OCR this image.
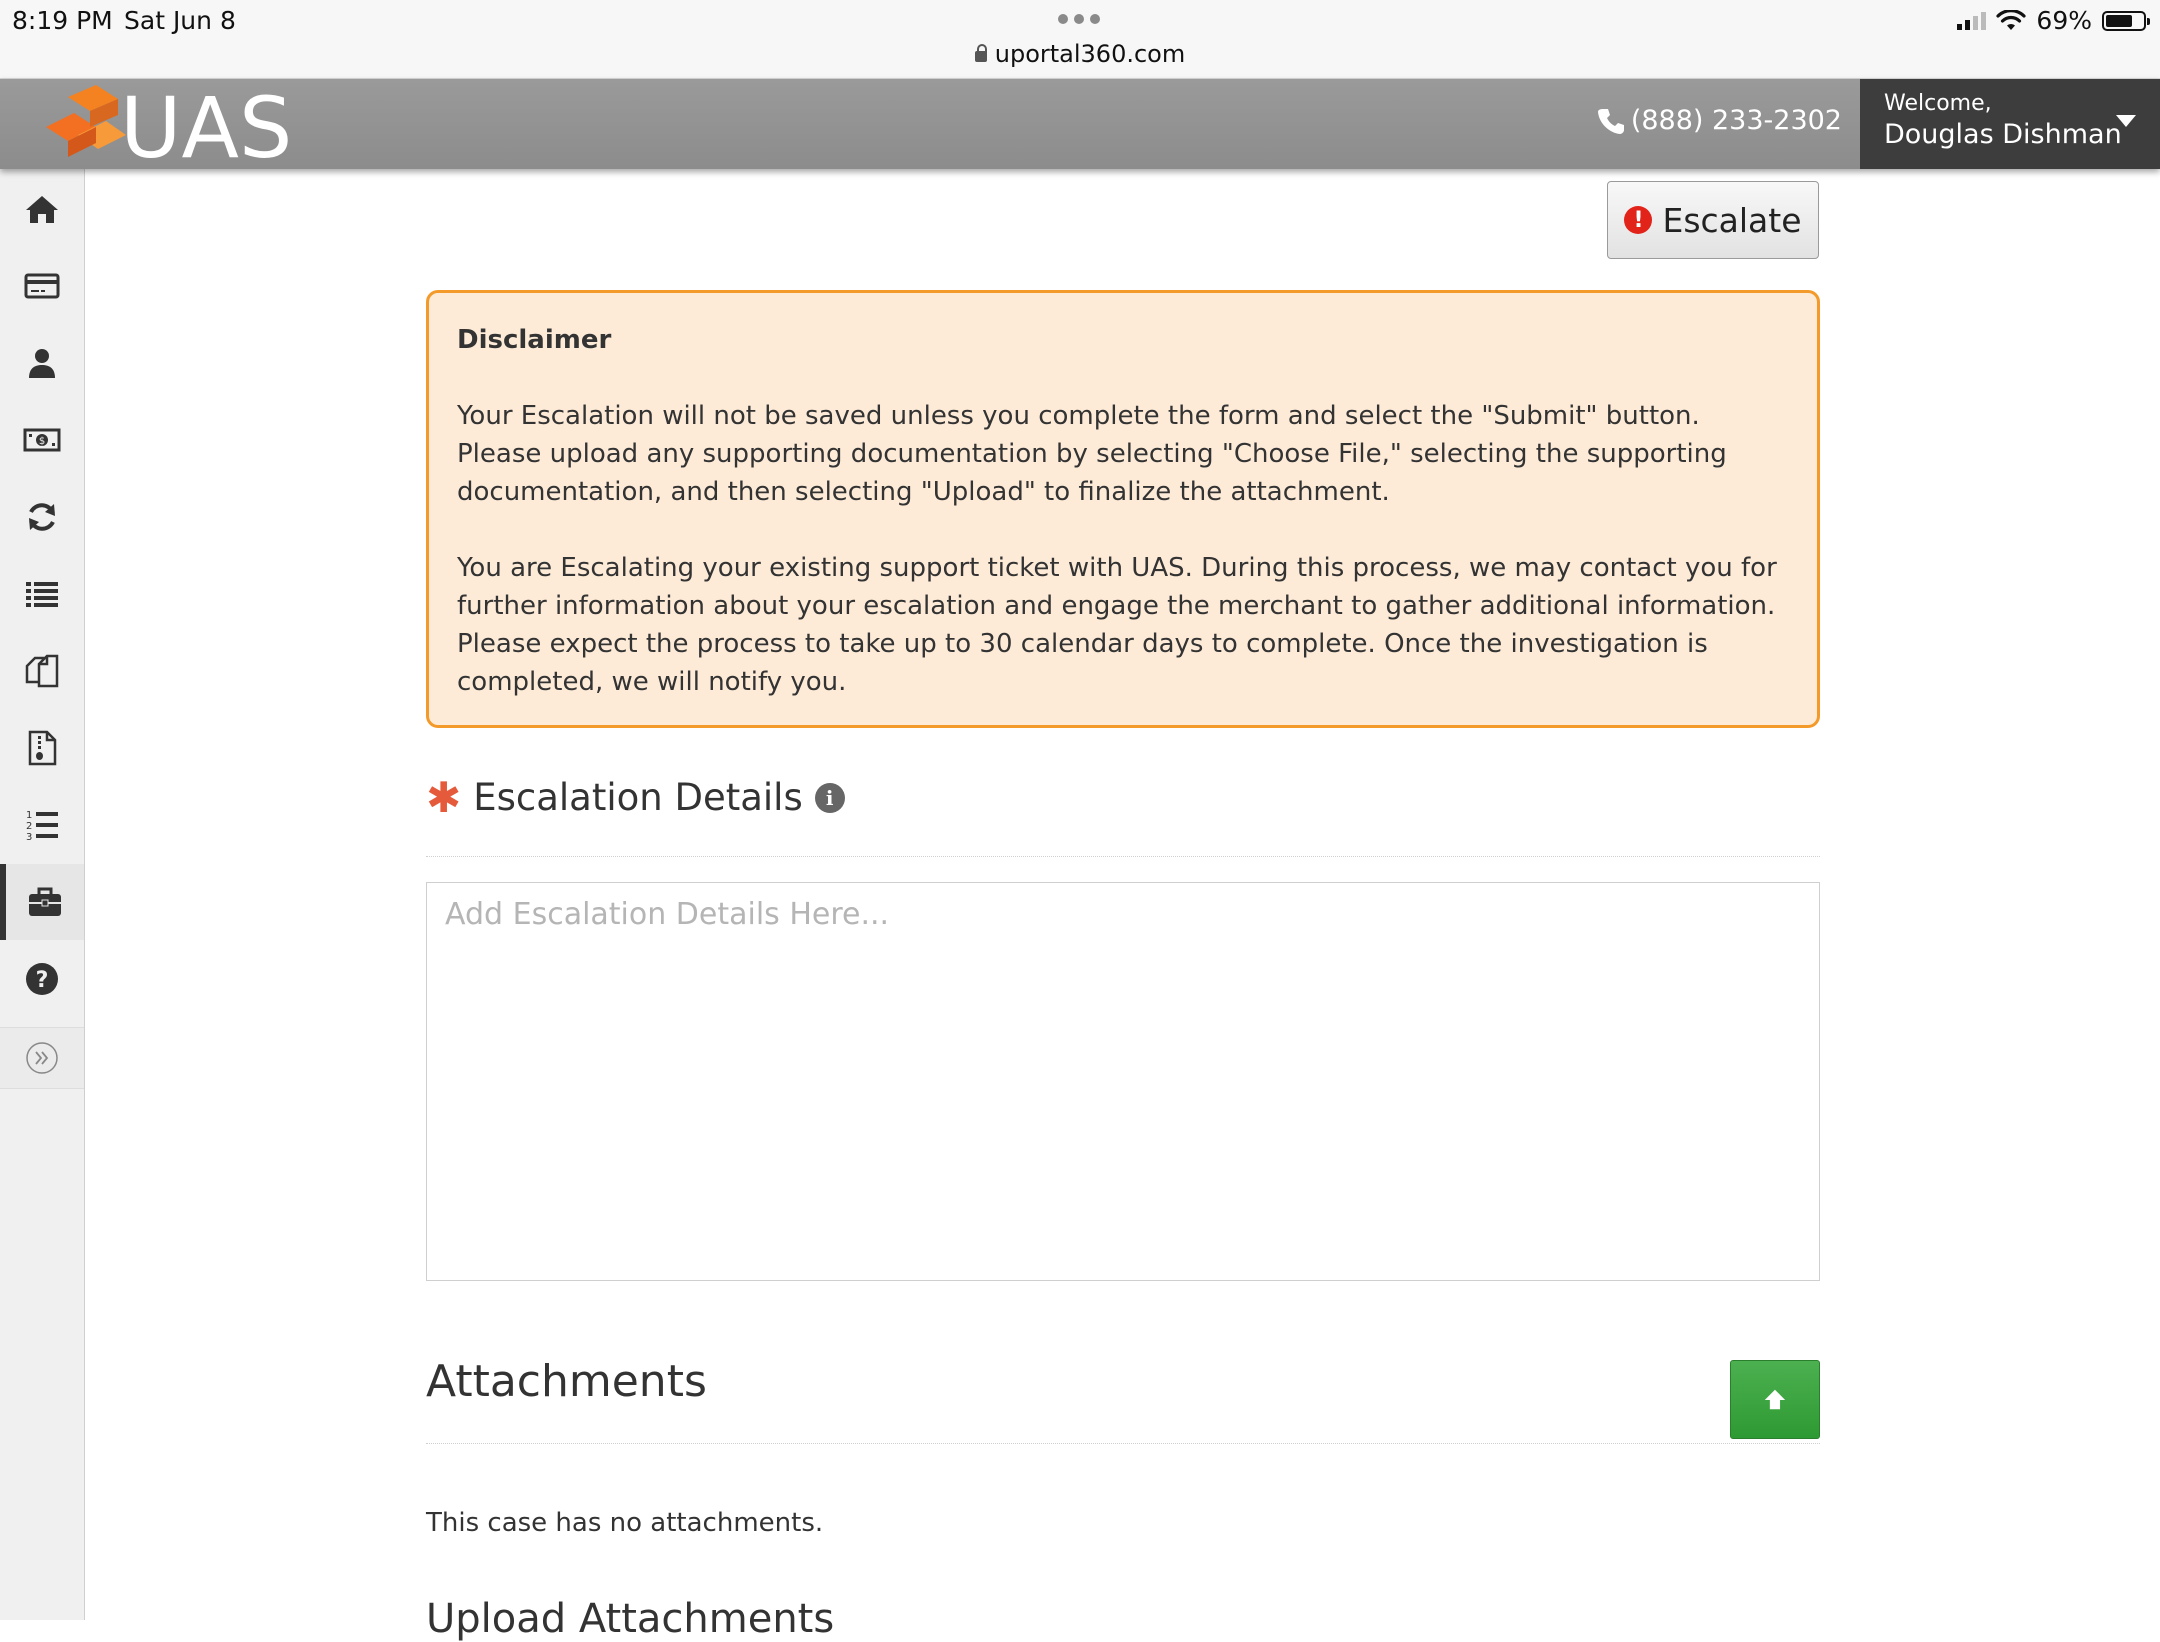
8:19 PM Sat Jun 8
uportal360.com
69%
UAS	(888) 233-2302
Welcome,
Douglas Dishman
$
1
2
3
?
! Escalate
Disclaimer

Your Escalation will not be saved unless you complete the form and select the "Submit" button. Please upload any supporting documentation by selecting "Choose File," selecting the supporting documentation, and then selecting "Upload" to finalize the attachment.

You are Escalating your existing support ticket with UAS. During this process, we may contact you for further information about your escalation and engage the merchant to gather additional information. Please expect the process to take up to 30 calendar days to complete. Once the investigation is completed, we will notify you.

✱ Escalation Details	i
Add Escalation Details Here...
Attachments
This case has no attachments.
Upload Attachments
